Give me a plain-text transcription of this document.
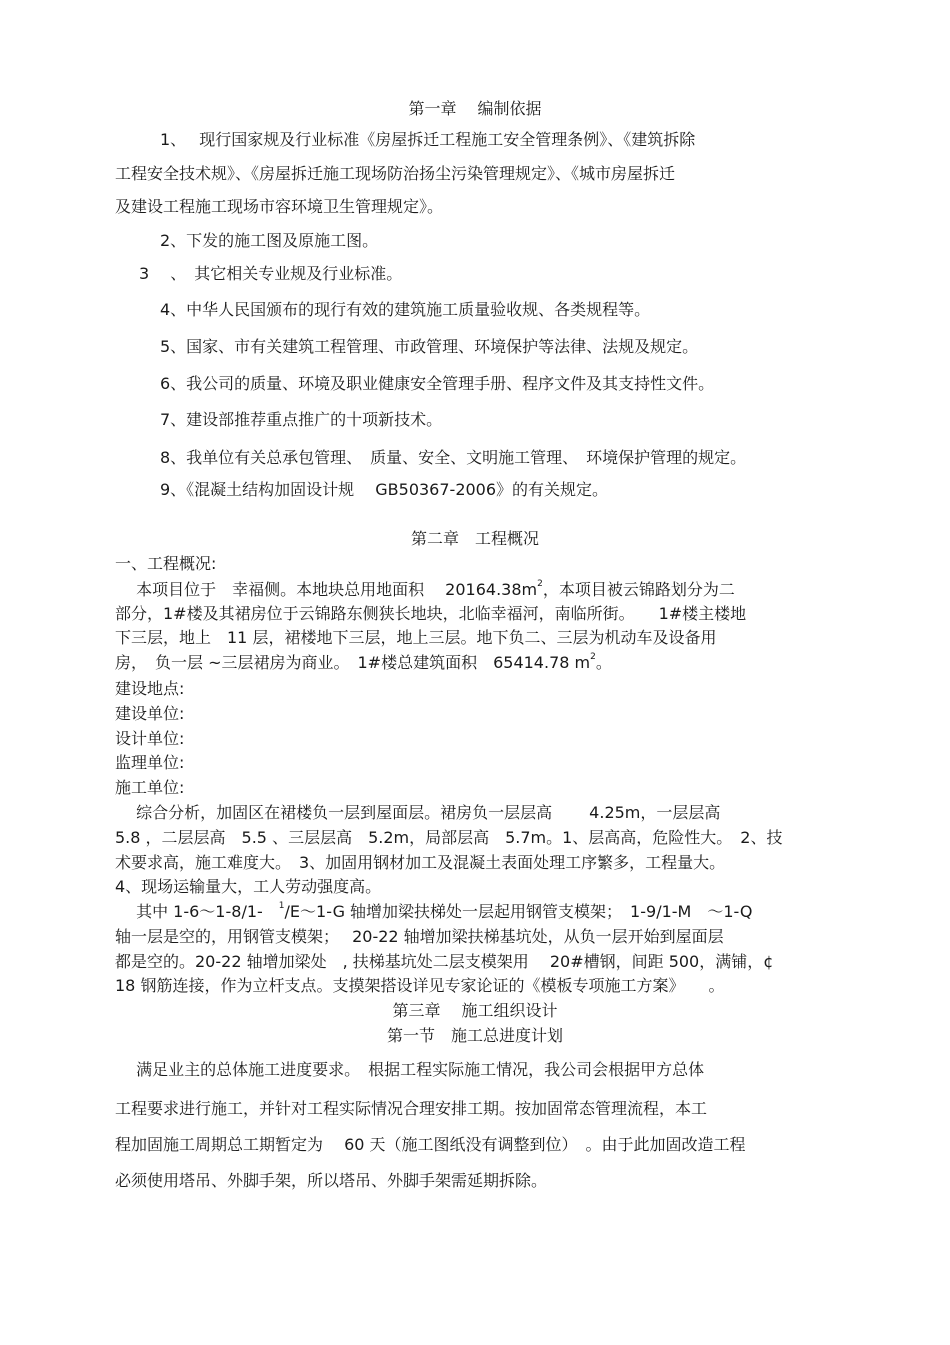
第一章　 编制依据
1、　 现行国家规及行业标准《房屋拆迁工程施工安全管理条例》、《建筑拆除
工程安全技术规》、《房屋拆迁施工现场防治扬尘污染管理规定》、《城市房屋拆迁
及建设工程施工现场市容环境卫生管理规定》。
2、下发的施工图及原施工图。
3　 、　其它相关专业规及行业标准。
4、中华人民国颁布的现行有效的建筑施工质量验收规、各类规程等。
5、国家、市有关建筑工程管理、市政管理、环境保护等法律、法规及规定。
6、我公司的质量、环境及职业健康安全管理手册、程序文件及其支持性文件。
7、建设部推荐重点推广的十项新技术。
8、我单位有关总承包管理、　质量、安全、文明施工管理、　环境保护管理的规定。
9、《混凝土结构加固设计规　 GB50367-2006》的有关规定。
第二章　工程概况
一、工程概况:
　 本项目位于　幸福侧。本地块总用地面积　 $20164.38m^2$，本项目被云锦路划分为二
部分，1#楼及其裙房位于云锦路东侧狭长地块，北临幸福河，南临所街。　　1#楼主楼地
下三层，地上　11 层，裙楼地下三层，地上三层。地下负二、三层为机动车及设备用
房，　负一层 ~三层裙房为商业。　1#楼总建筑面积　65414.78 $m^2$。
建设地点:
建设单位:
设计单位:
监理单位:
施工单位:
　 综合分析，加固区在裙楼负一层到屋面层。裙房负一层层高　　 4.25m，一层层高
5.8 ，二层层高　5.5 、三层层高　5.2m，局部层高　5.7m。1、层高高，危险性大。　2、技
术要求高，施工难度大。　3、加固用钢材加工及混凝土表面处理工序繁多，工程量大。
4、现场运输量大，工人劳动强度高。
　 其中 1-6～1-8/1-　$^1$/E～1-G 轴增加梁扶梯处一层起用钢管支模架；　1-9/1-M　～1-Q
轴一层是空的，用钢管支模架；　 20-22 轴增加梁扶梯基坑处，从负一层开始到屋面层
都是空的。20-22 轴增加梁处　, 扶梯基坑处二层支模架用　 20#槽钢，间距 500，满铺，¢
18 钢筋连接，作为立杆支点。支摸架搭设详见专家论证的《模板专项施工方案》　　。
第三章　 施工组织设计
第一节　施工总进度计划
　 满足业主的总体施工进度要求。　根据工程实际施工情况，我公司会根据甲方总体
工程要求进行施工，并针对工程实际情况合理安排工期。按加固常态管理流程，本工
程加固施工周期总工期暂定为　 60 天（施工图纸没有调整到位）　。由于此加固改造工程
必须使用塔吊、外脚手架，所以塔吊、外脚手架需延期拆除。
